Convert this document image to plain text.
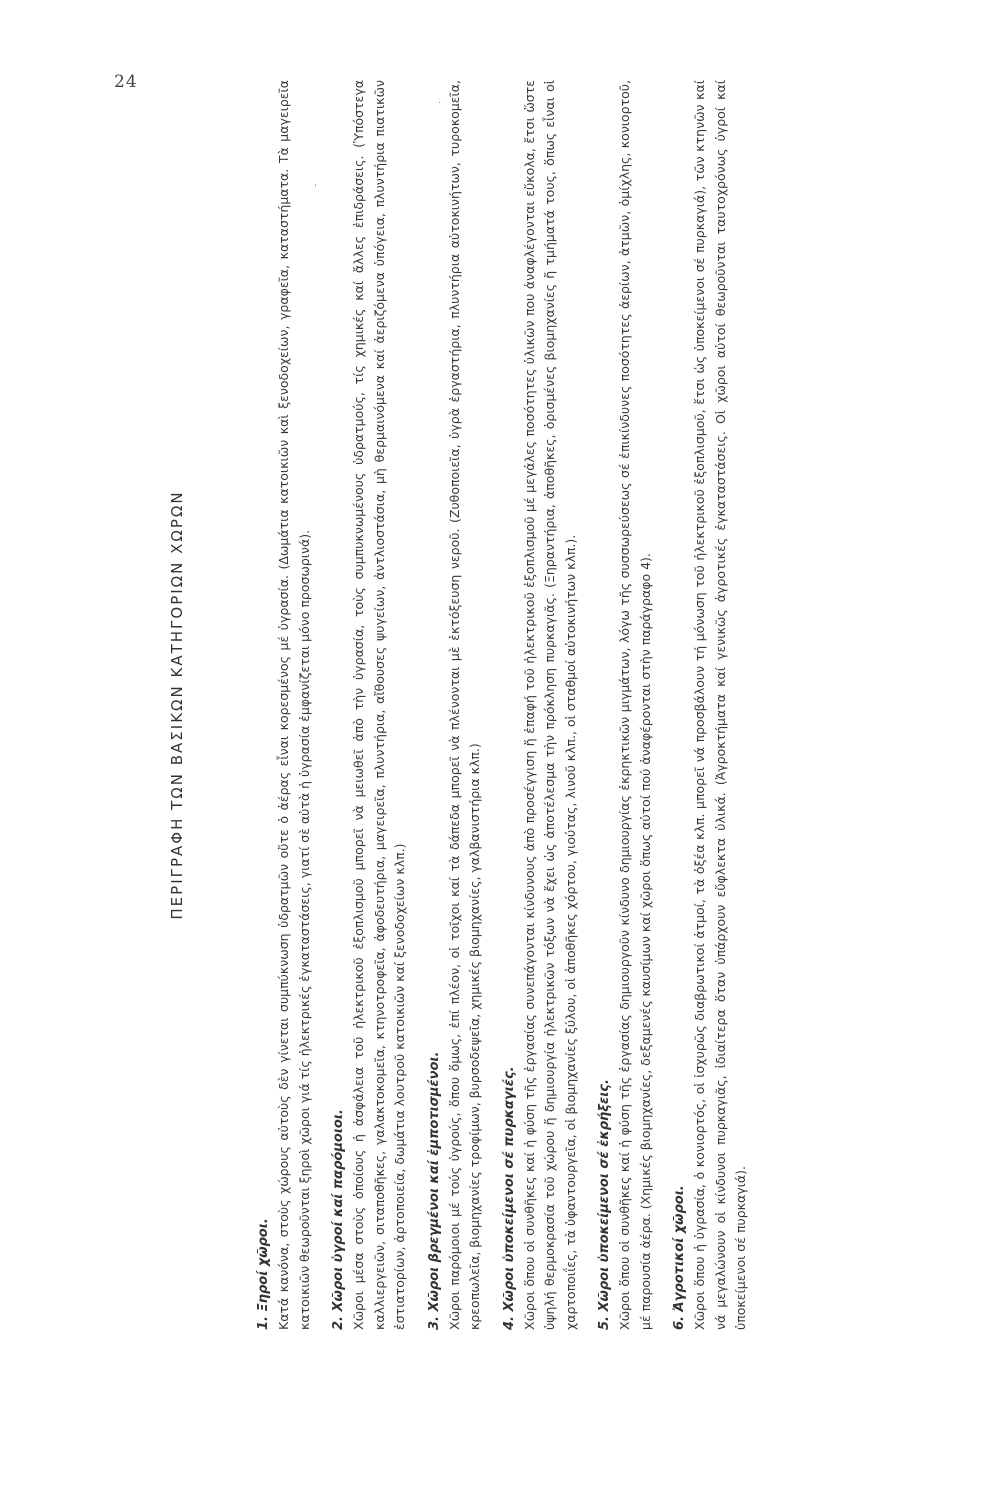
24
·
ʹ
ΠΕΡΙΓΡΑΦΗ ΤΩΝ ΒΑΣΙΚΩΝ ΚΑΤΗΓΟΡΙΩΝ ΧΩΡΩΝ
1. Ξηροί χῶροι. Κατά κανόνα, στοὺς χώρους αὐτοὺς δὲν γίνεται συμπύκνωση ὑδρατμῶν οὔτε ὁ ἀέρας εἶναι κορεσμένος μέ ὑγρασία. (Δωμάτια κατοικιῶν καὶ ξενοδοχείων, γραφεῖα, καταστήματα. Τὰ μαγειρεῖα κατοικιῶν θεωροῦνται ξηροὶ χῶροι γιά τίς ἠλεκτρικές ἐγκαταστάσεις, γιατί σὲ αὐτὰ ἡ ὑγρασία ἐμφανίζεται μόνο προσωρινά). 2. Χῶροι ὑγροί καί παρόμοιοι. Χῶροι μέσα στοὺς ὁποίους ἡ ἀσφάλεια τοῦ ἠλεκτρικοῦ ἐξοπλισμοῦ μπορεῖ νὰ μειωθεῖ ἀπὸ τὴν ὑγρασία, τοὺς συμπυκνωμένους ὑδρατμούς, τίς χημικές καί ἄλλες ἐπιδράσεις. (Ὑπόστεγα καλλιεργειῶν, σιταποθῆκες, γαλακτοκομεῖα, κτηνοτροφεῖα, ἀφοδευτήρια, μαγειρεῖα, πλυντήρια, αἴθουσες ψυγείων, ἀντλιοστάσια, μὴ θερμαινόμενα καί ἀεριζόμενα ὑπόγεια, πλυντήρια πιατικῶν ἑστιατορίων, ἀρτοποιεία, δωμάτια λουτροῦ κατοικιῶν καί ξενοδοχείων κλπ.) 3. Χῶροι βρεγμένοι καί ἐμποτισμένοι. Χῶροι παρόμοιοι μέ τούς ὑγρούς, ὅπου ὅμως, ἐπί πλέον, οἱ τοῖχοι καί τὰ δάπεδα μπορεῖ νὰ πλένονται μὲ ἐκτόξευση νεροῦ. (Ζυθοποιεῖα, ὑγρὰ ἐργαστήρια, πλυντήρια αὐτοκινήτων, τυροκομεῖα, κρεοπωλεῖα, βιομηχανίες τροφίμων, βυρσοδεψεῖα, χημικές βιομηχανίες, γαλβανιστήρια κλπ.) 4. Χῶροι ὑποκείμενοι σέ πυρκαγιές. Χῶροι ὅπου οἱ συνθῆκες καί ἡ φύση τῆς ἐργασίας συνεπάγονται κίνδυνους ἀπὸ προσέγγιση ἤ ἐπαφή τοῦ ἠλεκτρικοῦ ἐξοπλισμοῦ μέ μεγάλες ποσότητες ὑλικῶν που ἀναφλέγονται εὔκολα, ἔτσι ὥστε ὑψηλή θερμοκρασία τοῦ χώρου ἤ δημιουργία ἠλεκτρικῶν τόξων νὰ ἔχει ὡς ἀποτέλεσμα τὴν πρόκληση πυρκαγιᾶς. (Ξηραντήρια, ἀποθῆκες, ὁρισμένες βιομηχανίες ἤ τμήματά τους, ὅπως εἶναι οἱ χαρτοποιΐες, τὰ ὑφαντουργεῖα, οἱ βιομηχανίες ξύλου, οἱ ἀποθῆκες χόρτου, γιούτας, λινοῦ κλπ., οἱ σταθμοί αὐτοκινήτων κλπ.). 5. Χῶροι ὑποκείμενοι σέ ἐκρήξεις. Χῶροι ὅπου οἱ συνθῆκες καί ἡ φύση τῆς ἐργασίας δημιουργοῦν κίνδυνο δημιουργίας ἐκρηκτικῶν μιγμάτων, λόγω τῆς συσσωρεύσεως σέ ἐπικίνδυνες ποσότητες ἀερίων, ἀτμῶν, ὁμίχλης, κονιορτοῦ, μέ παρουσία ἀέρα. (Χημικές βιομηχανίες, δεξαμενές καυσίμων καί χῶροι ὅπως αὐτοί πού ἀναφέρονται στὴν παράγραφο 4). 6. Ἀγροτικοί χῶροι. Χῶροι ὅπου ἡ ὑγρασία, ὁ κονιορτός, οἱ ἰσχυρῶς διαβρωτικοί ἀτμοί, τὰ ὀξέα κλπ. μπορεῖ νά προσβάλουν τή μόνωση τοῦ ἠλεκτρικοῦ ἐξοπλισμοῦ, ἔτσι ὡς ὑποκείμενοι σέ πυρκαγιά), τῶν κτηνῶν καί νά μεγαλώνουν οἱ κίνδυνοι πυρκαγιᾶς, ἰδιαίτερα ὅταν ὑπάρχουν εὔφλεκτα ὑλικά. (Ἀγροκτήματα καί γενικῶς ἀγροτικές ἐγκαταστάσεις. Οἱ χῶροι αὐτοί θεωροῦνται ταυτοχρόνως ὑγροί καί ὑποκείμενοι σέ πυρκαγιά).
